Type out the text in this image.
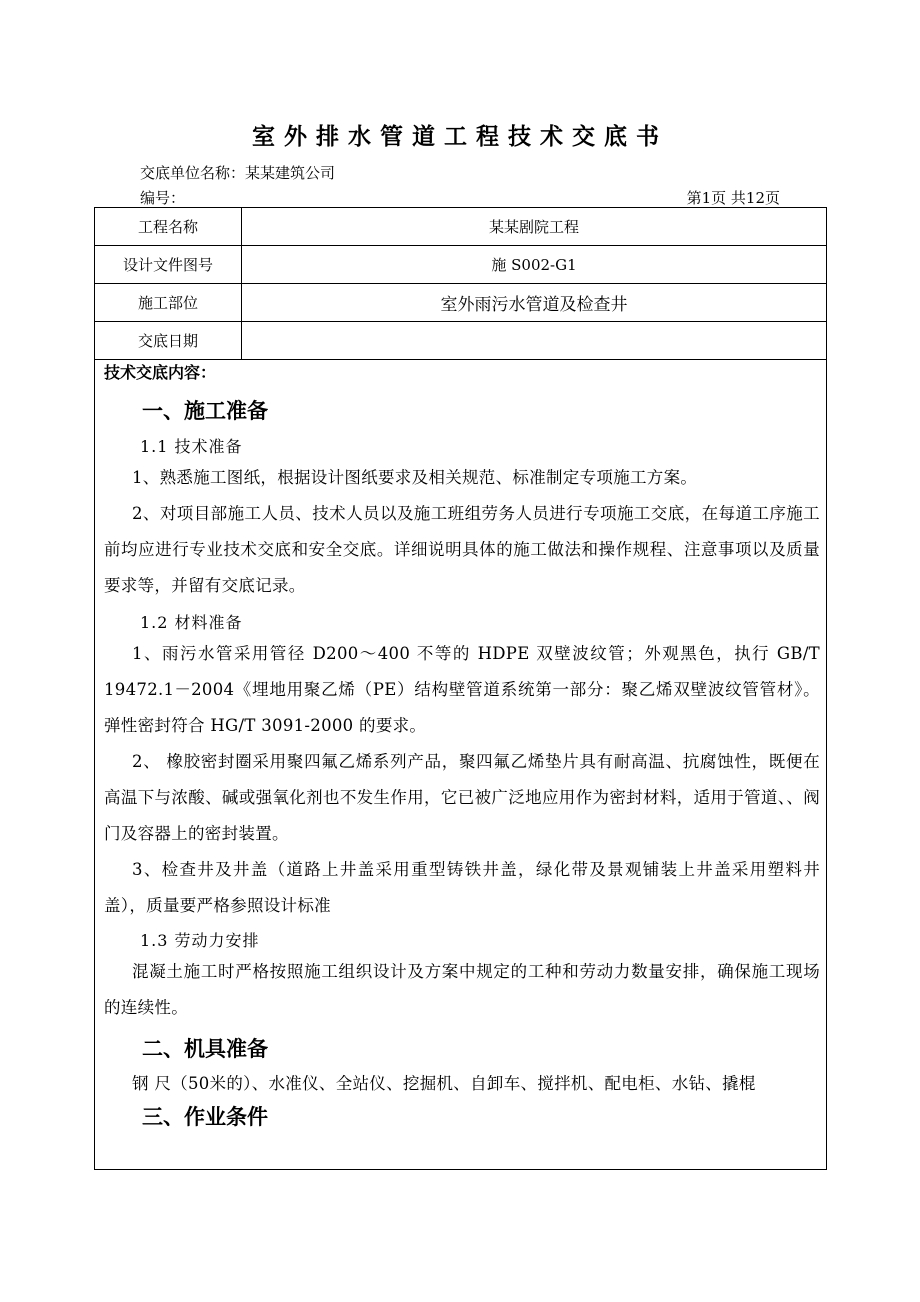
室外排水管道工程技术交底书
交底单位名称：某某建筑公司
编号：	第1页 共12页
工程名称	某某剧院工程
设计文件图号	施 S002-G1
施工部位	室外雨污水管道及检查井
交底日期	
技术交底内容：
一、施工准备
1.1 技术准备

1、熟悉施工图纸，根据设计图纸要求及相关规范、标准制定专项施工方案。

2、对项目部施工人员、技术人员以及施工班组劳务人员进行专项施工交底，在每道工序施工前均应进行专业技术交底和安全交底。详细说明具体的施工做法和操作规程、注意事项以及质量要求等，并留有交底记录。

1.2 材料准备

1、雨污水管采用管径 D200～400 不等的 HDPE 双壁波纹管；外观黑色，执行 GB/T 19472.1－2004《埋地用聚乙烯（PE）结构壁管道系统第一部分：聚乙烯双壁波纹管管材》。弹性密封符合 HG/T 3091-2000 的要求。

2、 橡胶密封圈采用聚四氟乙烯系列产品，聚四氟乙烯垫片具有耐高温、抗腐蚀性，既便在高温下与浓酸、碱或强氧化剂也不发生作用，它已被广泛地应用作为密封材料，适用于管道、、阀门及容器上的密封装置。

3、检查井及井盖（道路上井盖采用重型铸铁井盖，绿化带及景观铺装上井盖采用塑料井盖），质量要严格参照设计标准

1.3 劳动力安排

混凝土施工时严格按照施工组织设计及方案中规定的工种和劳动力数量安排，确保施工现场的连续性。

二、机具准备

钢 尺（50米的）、水准仪、全站仪、挖掘机、自卸车、搅拌机、配电柜、水钻、撬棍

三、作业条件
